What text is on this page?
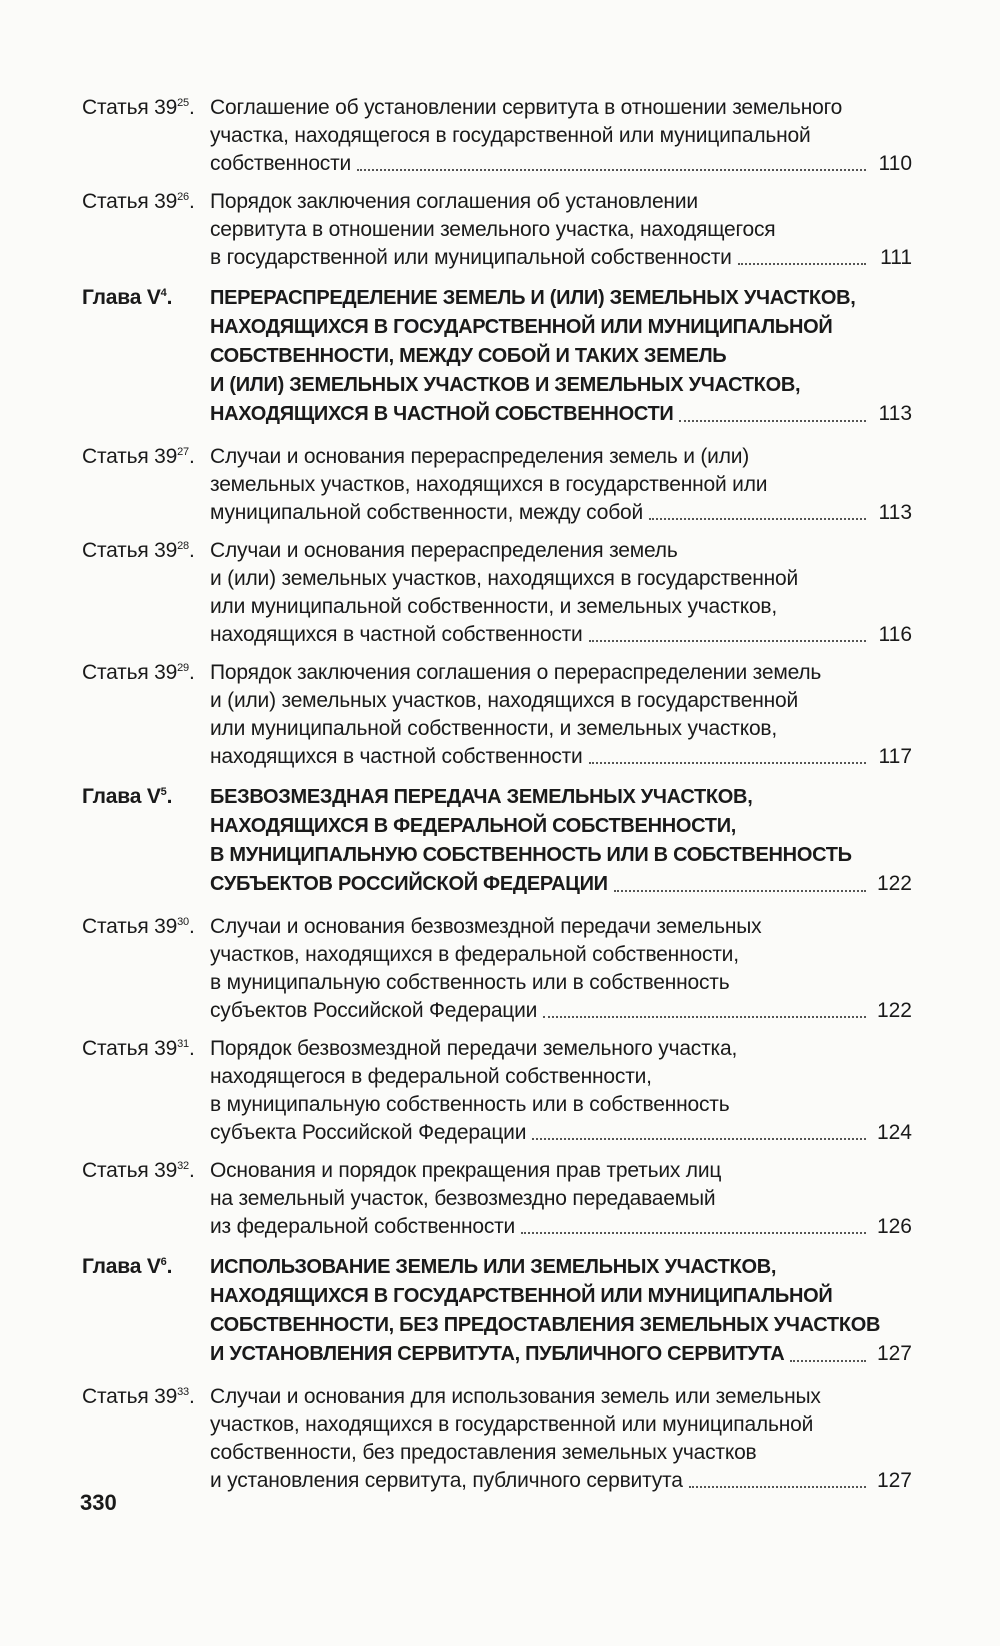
Статья $39^{25}$. Соглашение об установлении сервитута в отношении земельного
участка, находящегося в государственной или муниципальной
собственности	110
Статья $39^{26}$. Порядок заключения соглашения об установлении
сервитута в отношении земельного участка, находящегося
в государственной или муниципальной собственности	111
Глава $V^4$.	ПЕРЕРАСПРЕДЕЛЕНИЕ ЗЕМЕЛЬ И (ИЛИ) ЗЕМЕЛЬНЫХ УЧАСТКОВ,
НАХОДЯЩИХСЯ В ГОСУДАРСТВЕННОЙ ИЛИ МУНИЦИПАЛЬНОЙ
СОБСТВЕННОСТИ, МЕЖДУ СОБОЙ И ТАКИХ ЗЕМЕЛЬ
И (ИЛИ) ЗЕМЕЛЬНЫХ УЧАСТКОВ И ЗЕМЕЛЬНЫХ УЧАСТКОВ,
НАХОДЯЩИХСЯ В ЧАСТНОЙ СОБСТВЕННОСТИ	113
Статья $39^{27}$. Случаи и основания перераспределения земель и (или)
земельных участков, находящихся в государственной или
муниципальной собственности, между собой	113
Статья $39^{28}$. Случаи и основания перераспределения земель
и (или) земельных участков, находящихся в государственной
или муниципальной собственности, и земельных участков,
находящихся в частной собственности	116
Статья $39^{29}$. Порядок заключения соглашения о перераспределении земель
и (или) земельных участков, находящихся в государственной
или муниципальной собственности, и земельных участков,
находящихся в частной собственности	117
Глава $V^5$.	БЕЗВОЗМЕЗДНАЯ ПЕРЕДАЧА ЗЕМЕЛЬНЫХ УЧАСТКОВ,
НАХОДЯЩИХСЯ В ФЕДЕРАЛЬНОЙ СОБСТВЕННОСТИ,
В МУНИЦИПАЛЬНУЮ СОБСТВЕННОСТЬ ИЛИ В СОБСТВЕННОСТЬ
СУБЪЕКТОВ РОССИЙСКОЙ ФЕДЕРАЦИИ	122
Статья $39^{30}$. Случаи и основания безвозмездной передачи земельных
участков, находящихся в федеральной собственности,
в муниципальную собственность или в собственность
субъектов Российской Федерации	122
Статья $39^{31}$. Порядок безвозмездной передачи земельного участка,
находящегося в федеральной собственности,
в муниципальную собственность или в собственность
субъекта Российской Федерации	124
Статья $39^{32}$. Основания и порядок прекращения прав третьих лиц
на земельный участок, безвозмездно передаваемый
из федеральной собственности	126
Глава $V^6$.	ИСПОЛЬЗОВАНИЕ ЗЕМЕЛЬ ИЛИ ЗЕМЕЛЬНЫХ УЧАСТКОВ,
НАХОДЯЩИХСЯ В ГОСУДАРСТВЕННОЙ ИЛИ МУНИЦИПАЛЬНОЙ
СОБСТВЕННОСТИ, БЕЗ ПРЕДОСТАВЛЕНИЯ ЗЕМЕЛЬНЫХ УЧАСТКОВ
И УСТАНОВЛЕНИЯ СЕРВИТУТА, ПУБЛИЧНОГО СЕРВИТУТА	127
Статья $39^{33}$. Случаи и основания для использования земель или земельных
участков, находящихся в государственной или муниципальной
собственности, без предоставления земельных участков
и установления сервитута, публичного сервитута	127
330
